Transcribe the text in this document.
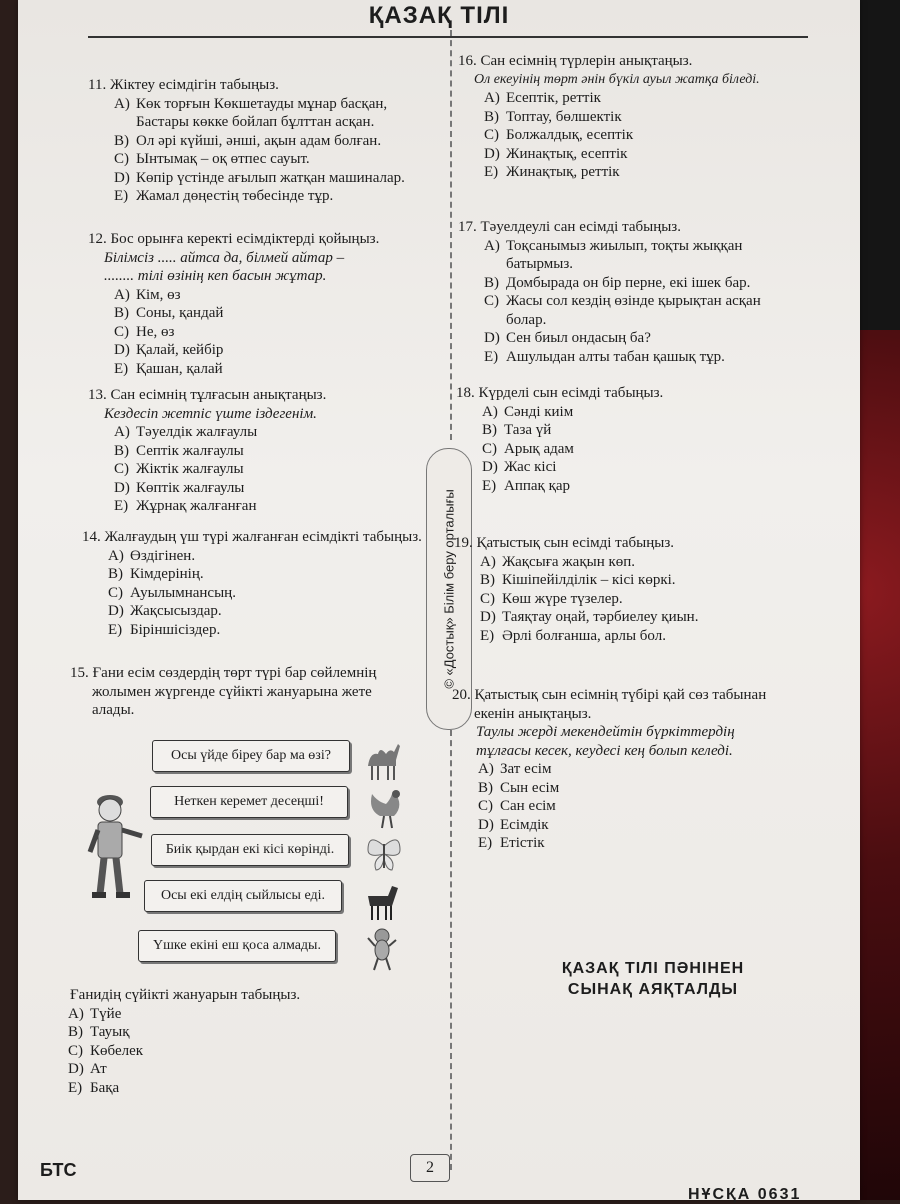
ҚАЗАҚ ТІЛІ
© «Достық» Білім беру орталығы

11. Жіктеу есімдігін табыңыз.

A) Көк торғын Көкшетауды мұнар басқан,
Бастары көкке бойлап бұлттан асқан.
B) Ол әрі күйші, әнші, ақын адам болған.
C) Ынтымақ – оқ өтпес сауыт.
D) Көпір үстінде ағылып жатқан машиналар.
E) Жамал дөңестің төбесінде тұр.

12. Бос орынға керекті есімдіктерді қойыңыз.

Білімсіз ..... айтса да, білмей айтар –

........ тілі өзінің кеп басын жұтар.

A) Кім, өз
B) Соны, қандай
C) Не, өз
D) Қалай, кейбір
E) Қашан, қалай

13. Сан есімнің тұлғасын анықтаңыз.

Кездесіп жетпіс үште іздегенім.

A) Тәуелдік жалғаулы
B) Септік жалғаулы
C) Жіктік жалғаулы
D) Көптік жалғаулы
E) Жұрнақ жалғанған

14. Жалғаудың үш түрі жалғанған есімдікті табыңыз.

A) Өздігінен.
B) Кімдерінің.
C) Ауылымнансың.
D) Жақсысыздар.
E) Біріншісіздер.

15. Ғани есім сөздердің төрт түрі бар сөйлемнің

жолымен жүргенде сүйікті жануарына жете

алады.

Осы үйде біреу бар ма өзі?
Неткен керемет десеңші!
Биік қырдан екі кісі көрінді.
Осы екі елдің сыйлысы еді.
Үшке екіні еш қоса алмады.

Ғанидің сүйікті жануарын табыңыз.

A) Түйе
B) Тауық
C) Көбелек
D) Ат
E) Бақа

16. Сан есімнің түрлерін анықтаңыз.

Ол екеуінің төрт әнін бүкіл ауыл жатқа біледі.

A) Есептік, реттік
B) Топтау, бөлшектік
C) Болжалдық, есептік
D) Жинақтық, есептік
E) Жинақтық, реттік

17. Тәуелдеулі сан есімді табыңыз.

A) Тоқсанымыз жиылып, тоқты жыққан
батырмыз.
B) Домбырада он бір перне, екі ішек бар.
C) Жасы сол кездің өзінде қырықтан асқан
болар.
D) Сен биыл ондасың ба?
E) Ашулыдан алты табан қашық тұр.

18. Күрделі сын есімді табыңыз.

A) Сәнді киім
B) Таза үй
C) Арық адам
D) Жас кісі
E) Аппақ қар

19. Қатыстық сын есімді табыңыз.

A) Жақсыға жақын көп.
B) Кішіпейілділік – кісі көркі.
C) Көш жүре түзелер.
D) Таяқтау оңай, тәрбиелеу қиын.
E) Әрлі болғанша, арлы бол.

20. Қатыстық сын есімнің түбірі қай сөз табынан

екенін анықтаңыз.

Таулы жерді мекендейтін бүркіттердің

тұлғасы кесек, кеудесі кең болып келеді.

A) Зат есім
B) Сын есім
C) Сан есім
D) Есімдік
E) Етістік
ҚАЗАҚ ТІЛІ ПӘНІНЕН
СЫНАҚ АЯҚТАЛДЫ
БТС	2
НҰСҚА 0631
